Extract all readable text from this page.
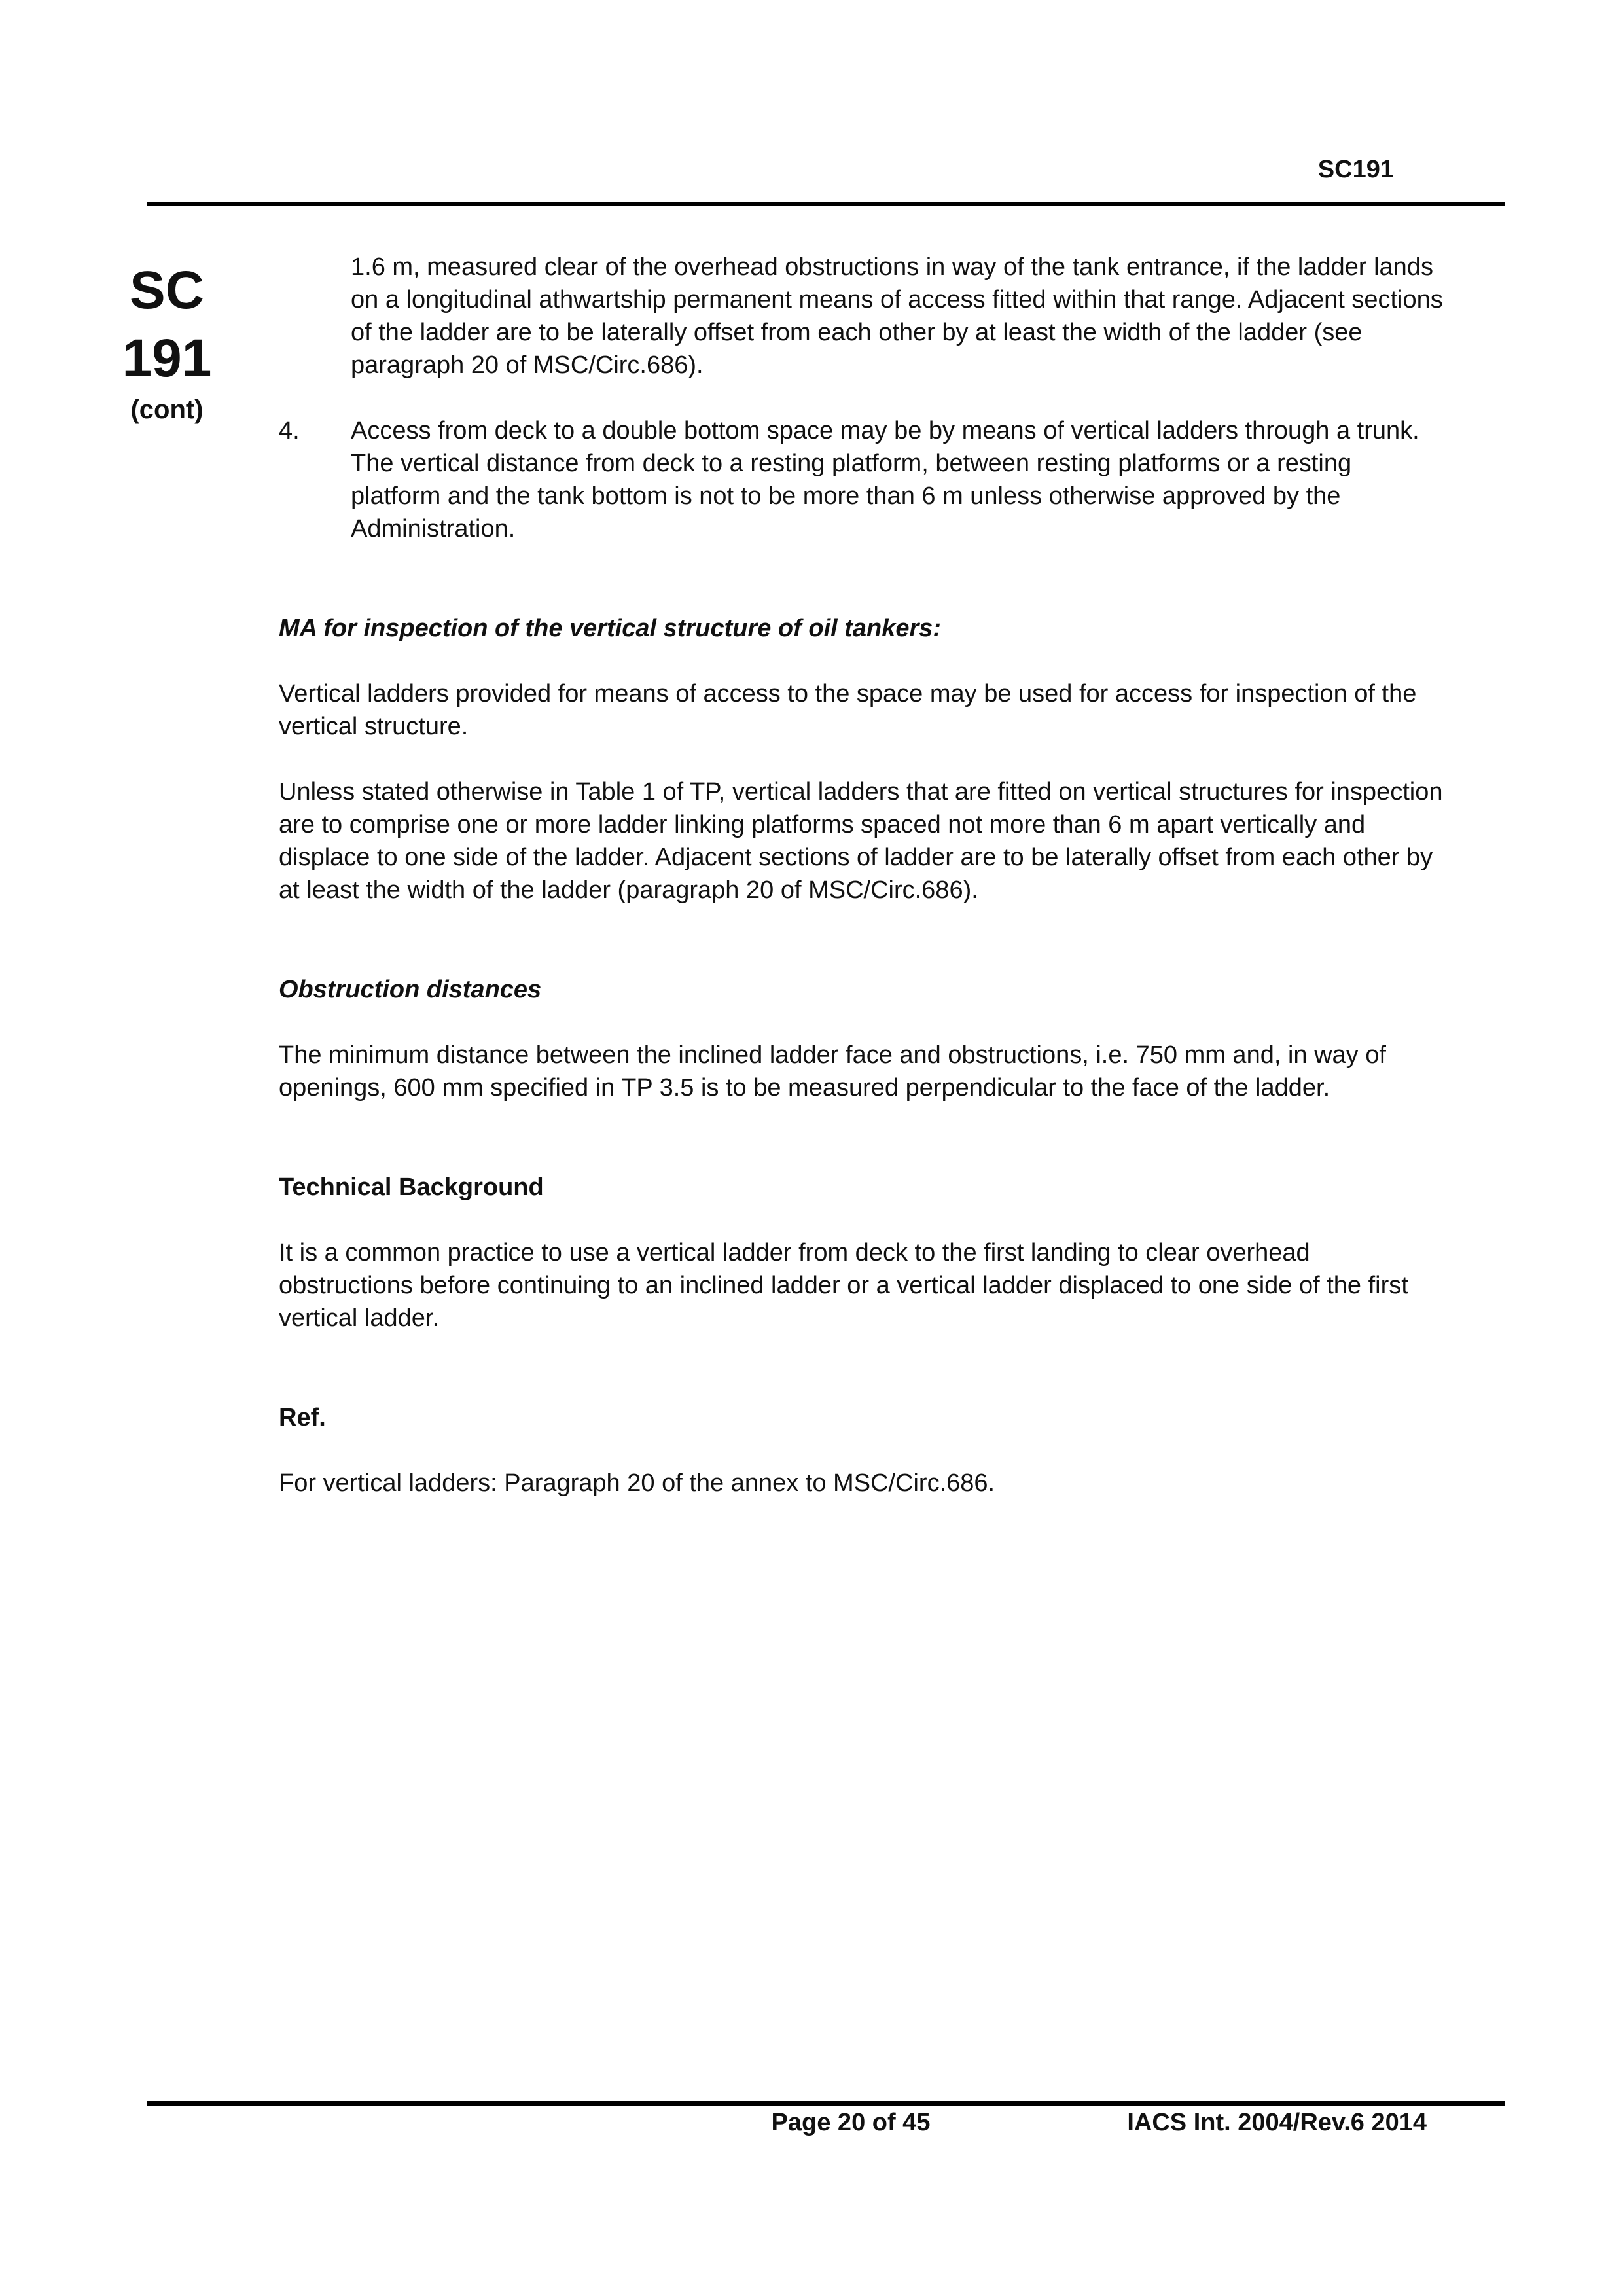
SC191
SC
191
(cont)

1.6 m, measured clear of the overhead obstructions in way of the tank entrance, if the ladder lands on a longitudinal athwartship permanent means of access fitted within that range. Adjacent sections of the ladder are to be laterally offset from each other by at least the width of the ladder (see paragraph 20 of MSC/Circ.686).

4.	Access from deck to a double bottom space may be by means of vertical ladders through a trunk. The vertical distance from deck to a resting platform, between resting platforms or a resting platform and the tank bottom is not to be more than 6 m unless otherwise approved by the Administration.

MA for inspection of the vertical structure of oil tankers:

Vertical ladders provided for means of access to the space may be used for access for inspection of the vertical structure.

Unless stated otherwise in Table 1 of TP, vertical ladders that are fitted on vertical structures for inspection are to comprise one or more ladder linking platforms spaced not more than 6 m apart vertically and displace to one side of the ladder. Adjacent sections of ladder are to be laterally offset from each other by at least the width of the ladder (paragraph 20 of MSC/Circ.686).

Obstruction distances

The minimum distance between the inclined ladder face and obstructions, i.e. 750 mm and, in way of openings, 600 mm specified in TP 3.5 is to be measured perpendicular to the face of the ladder.

Technical Background

It is a common practice to use a vertical ladder from deck to the first landing to clear overhead obstructions before continuing to an inclined ladder or a vertical ladder displaced to one side of the first vertical ladder.

Ref.

For vertical ladders: Paragraph 20 of the annex to MSC/Circ.686.

Page 20 of 45	IACS Int. 2004/Rev.6 2014
